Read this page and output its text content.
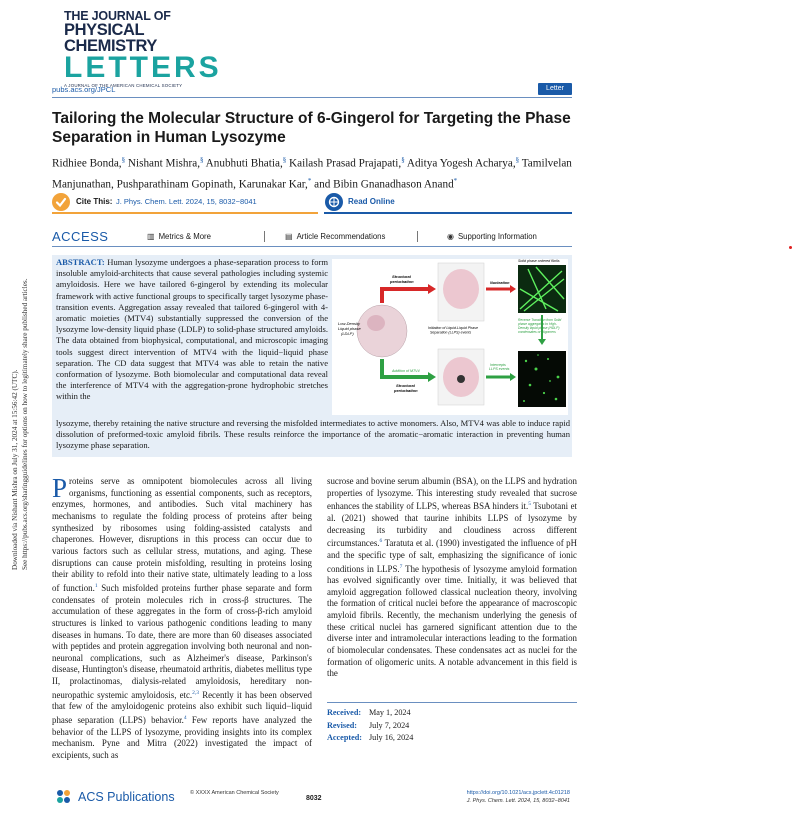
THE JOURNAL OF
PHYSICAL CHEMISTRY
LETTERS
A JOURNAL OF THE AMERICAN CHEMICAL SOCIETY
pubs.acs.org/JPCL	Letter
Tailoring the Molecular Structure of 6-Gingerol for Targeting the Phase Separation in Human Lysozyme
Ridhiee Bonda,§ Nishant Mishra,§ Anubhuti Bhatia,§ Kailash Prasad Prajapati,§ Aditya Yogesh Acharya,§ Tamilvelan Manjunathan, Pushparathinam Gopinath, Karunakar Kar,* and Bibin Gnanadhason Anand*
Cite This: J. Phys. Chem. Lett. 2024, 15, 8032−8041	Read Online
ACCESS	▥ Metrics & More	▤ Article Recommendations	◉ Supporting Information

ABSTRACT: Human lysozyme undergoes a phase-separation process to form insoluble amyloid-architects that cause several pathologies including systemic amyloidosis. Here we have tailored 6-gingerol by extending its molecular framework with active functional groups to specifically target lysozyme phase-transition events. Aggregation assay revealed that tailored 6-gingerol with 4-aromatic moieties (MTV4) substantially suppressed the conversion of the lysozyme low-density liquid phase (LDLP) to solid-phase structured amyloids. The data obtained from biophysical, computational, and microscopic imaging tools suggest direct intervention of MTV4 with the liquid−liquid phase separation. The CD data suggest that MTV4 was able to retain the native conformation of lysozyme. Both biomolecular and computational data reveal the interference of MTV4 with the aggregation-prone hydrophobic stretches within the

lysozyme, thereby retaining the native structure and reversing the misfolded intermediates to active monomers. Also, MTV4 was able to induce rapid dissolution of preformed-toxic amyloid fibrils. These results reinforce the importance of the aromatic−aromatic interaction in preventing human lysozyme phase separation.

Low-Density
Liquid phase
(LDLP)
Structural
perturbation
Addition of MTV4
Structural
perturbation
Initiation of Liquid-Liquid Phase
Separation (LLPS) events
Nucleation
Solid phase ordered fibrils
Reverse Transition from Solid
phase aggregates to High-
Density liquid phase (HDLP)
condensates or oligomers
Intercepts
LLPS events
Downloaded via Nishant Mishra on July 31, 2024 at 15:56:42 (UTC). See https://pubs.acs.org/sharingguidelines for options on how to legitimately share published articles. Proteins serve as omnipotent biomolecules across all living organisms, functioning as essential components, such as receptors, enzymes, hormones, and antibodies. Such vital machinery has mechanisms to regulate the folding process of proteins after being synthesized by ribosomes using folding-assisted catalysts and chaperones. However, disruptions in this process can occur due to various factors such as cellular stress, mutations, and aging. These disruptions can cause protein misfolding, resulting in proteins losing their ability to refold into their native state, ultimately leading to a loss of function.$^1$ Such misfolded proteins further phase separate and form condensates of protein molecules rich in cross-β structures. The accumulation of these aggregates in the form of cross-β-rich amyloid structures is linked to various pathogenic conditions leading to many diseases in humans. To date, there are more than 60 diseases associated with peptides and protein aggregation involving both neuronal and non-neuronal complications, such as Alzheimer's disease, Parkinson's disease, Huntington's disease, rheumatoid arthritis, diabetes mellitus type II, prolactinomas, dialysis-related amyloidosis, hereditary non-neuropathic systemic amyloidosis, etc.$^{2,3}$ Recently it has been observed that few of the amyloidogenic proteins also exhibit such liquid−liquid phase separation (LLPS) behavior.$^4$ Few reports have analyzed the behavior of the LLPS of lysozyme, providing insights into its complex mechanism. Pyne and Mitra (2022) investigated the impact of excipients, such as
sucrose and bovine serum albumin (BSA), on the LLPS and hydration properties of lysozyme. This interesting study revealed that sucrose enhances the stability of LLPS, whereas BSA hinders it.$^5$ Tsubotani et al. (2021) showed that taurine inhibits LLPS of lysozyme by decreasing its turbidity and cloudiness across different circumstances.$^6$ Taratuta et al. (1990) investigated the influence of pH and the specific type of salt, emphasizing the significance of ionic conditions in LLPS.$^7$ The hypothesis of lysozyme amyloid formation has evolved significantly over time. Initially, it was believed that amyloid aggregation followed classical nucleation theory, involving the formation of critical nuclei before the appearance of macroscopic amyloid fibrils. Recently, the mechanism underlying the genesis of these critical nuclei has garnered significant attention due to the diverse inter and intramolecular interactions leading to the formation of biomolecular condensates. These condensates act as nuclei for the formation of oligomeric units. A notable advancement in this field is the
Received: May 1, 2024
Revised:	July 7, 2024
Accepted: July 16, 2024
ACS Publications	© XXXX American Chemical Society
8032
https://doi.org/10.1021/acs.jpclett.4c01218
J. Phys. Chem. Lett. 2024, 15, 8032−8041
